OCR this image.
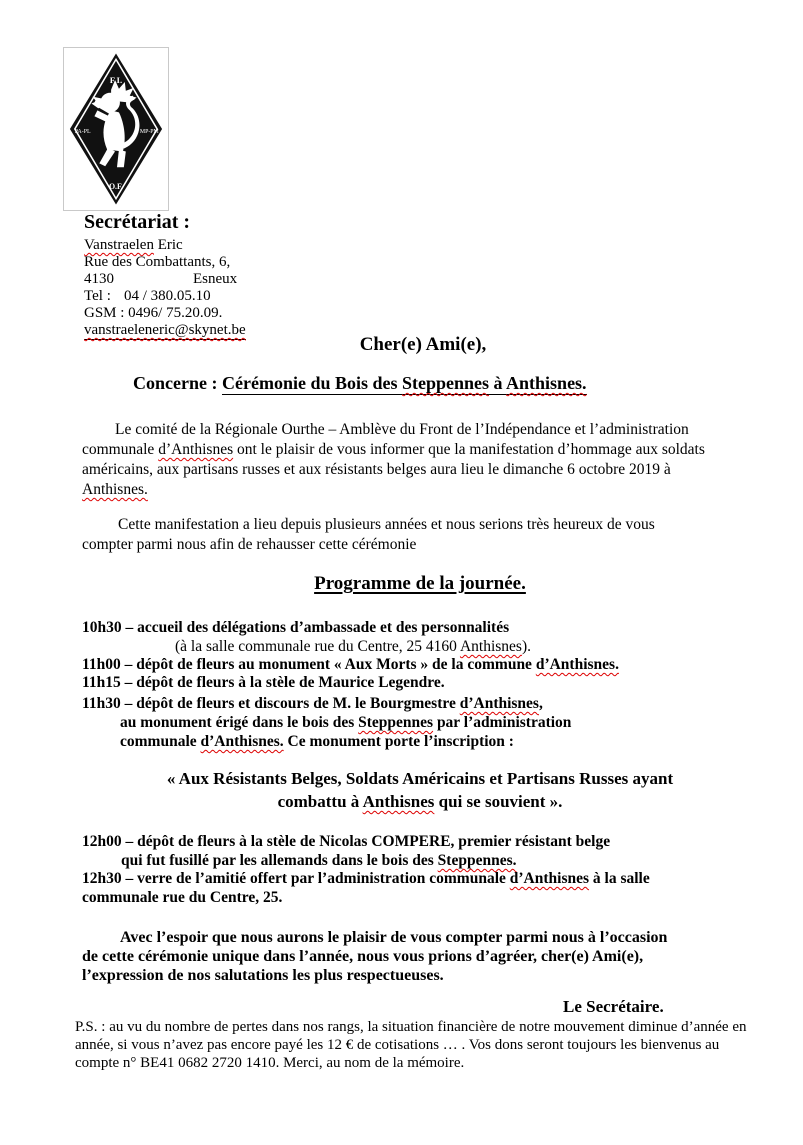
F.I.
PA-PL	MP-PM
O.F.
Secrétariat :
Vanstraelen Eric
Rue des Combattants, 6,
4130	Esneux
Tel : 04 / 380.05.10
GSM : 0496/ 75.20.09.
vanstraeleneric@skynet.be
Cher(e) Ami(e),
Concerne : Cérémonie du Bois des Steppennes à Anthisnes.
Le comité de la Régionale Ourthe – Amblève du Front de l’Indépendance et l’administration
communale d’Anthisnes ont le plaisir de vous informer que la manifestation d’hommage aux soldats
américains, aux partisans russes et aux résistants belges aura lieu le dimanche 6 octobre 2019 à
Anthisnes.
Cette manifestation a lieu depuis plusieurs années et nous serions très heureux de vous
compter parmi nous afin de rehausser cette cérémonie
Programme de la journée.
10h30 – accueil des délégations d’ambassade et des personnalités
(à la salle communale rue du Centre, 25 4160 Anthisnes).
11h00 – dépôt de fleurs au monument « Aux Morts » de la commune d’Anthisnes.
11h15 – dépôt de fleurs à la stèle de Maurice Legendre.
11h30 – dépôt de fleurs et discours de M. le Bourgmestre d’Anthisnes,
au monument érigé dans le bois des Steppennes par l’administration
communale d’Anthisnes. Ce monument porte l’inscription :
« Aux Résistants Belges, Soldats Américains et Partisans Russes ayant
combattu à Anthisnes qui se souvient ».
12h00 – dépôt de fleurs à la stèle de Nicolas COMPERE, premier résistant belge
qui fut fusillé par les allemands dans le bois des Steppennes.
12h30 – verre de l’amitié offert par l’administration communale d’Anthisnes à la salle
communale rue du Centre, 25.
Avec l’espoir que nous aurons le plaisir de vous compter parmi nous à l’occasion
de cette cérémonie unique dans l’année, nous vous prions d’agréer, cher(e) Ami(e),
l’expression de nos salutations les plus respectueuses.
Le Secrétaire.
P.S. : au vu du nombre de pertes dans nos rangs, la situation financière de notre mouvement diminue d’année en
année, si vous n’avez pas encore payé les 12 € de cotisations … . Vos dons seront toujours les bienvenus au
compte n° BE41 0682 2720 1410. Merci, au nom de la mémoire.
